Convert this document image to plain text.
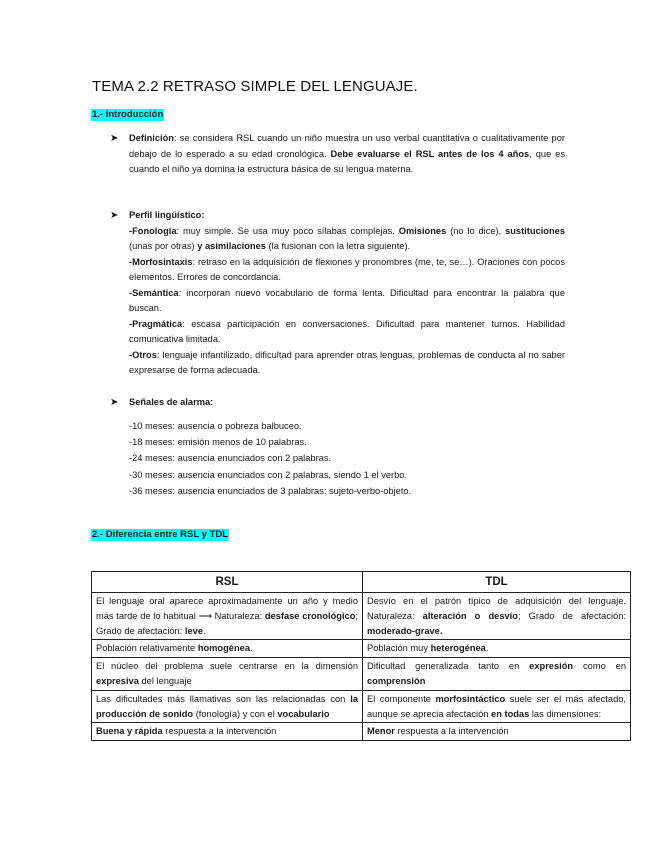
TEMA 2.2 RETRASO SIMPLE DEL LENGUAJE.
1.- Introducción
➤ Definición: se considera RSL cuando un niño muestra un uso verbal cuantitativa o cualitativamente por debajo de lo esperado a su edad cronológica. Debe evaluarse el RSL antes de los 4 años, que es cuando el niño ya domina la estructura básica de su lengua materna.
➤ Perfil lingüístico:
-Fonología: muy simple. Se usa muy poco sílabas complejas. Omisiones (no lo dice), sustituciones (unas por otras) y asimilaciones (la fusionan con la letra siguiente).
-Morfosintaxis: retraso en la adquisición de flexiones y pronombres (me, te, se…). Oraciones con pocos elementos. Errores de concordancia.
-Semántica: incorporan nuevo vocabulario de forma lenta. Dificultad para encontrar la palabra que buscan.
-Pragmática: escasa participación en conversaciones. Dificultad para mantener turnos. Habilidad comunicativa limitada.
-Otros: lenguaje infantilizado, dificultad para aprender otras lenguas, problemas de conducta al no saber expresarse de forma adecuada.
➤ Señales de alarma:
-10 meses: ausencia o pobreza balbuceo.
-18 meses: emisión menos de 10 palabras.
-24 meses: ausencia enunciados con 2 palabras.
-30 meses: ausencia enunciados con 2 palabras, siendo 1 el verbo.
-36 meses: ausencia enunciados de 3 palabras: sujeto-verbo-objeto.
2.- Diferencia entre RSL y TDL
RSL	TDL
El lenguaje oral aparece aproximadamente un año y medio más tarde de lo habitual ⟶ Naturaleza: desfase cronológico; Grado de afectación: leve.	Desvío en el patrón típico de adquisición del lenguaje. Naturaleza: alteración o desvío; Grado de afectación: moderado-grave.
Población relativamente homogénea.	Población muy heterogénea.
El núcleo del problema suele centrarse en la dimensión expresiva del lenguaje	Dificultad generalizada tanto en expresión como en comprensión
Las dificultades más llamativas son las relacionadas con la producción de sonido (fonología) y con el vocabulario	El componente morfosintáctico suele ser el más afectado, aunque se aprecia afectación en todas las dimensiones:
Buena y rápida respuesta a la intervención	Menor respuesta a la intervención
